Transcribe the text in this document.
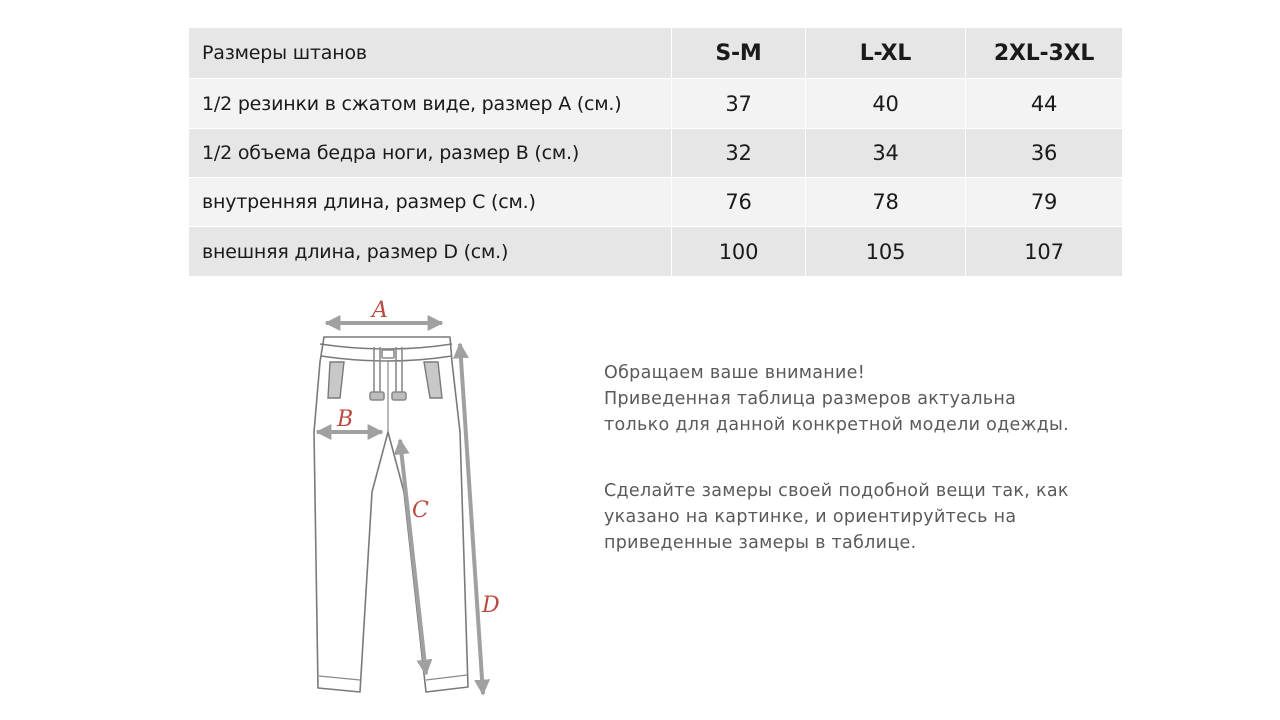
Размеры штанов	S-M	L-XL	2XL-3XL
1/2 резинки в сжатом виде, размер А (см.)	37	40	44
1/2 объема бедра ноги, размер В (см.)	32	34	36
внутренняя длина, размер С (см.)	76	78	79
внешняя длина, размер D (см.)	100	105	107
A
B
C
D

Обращаем ваше внимание!
Приведенная таблица размеров актуальна
только для данной конкретной модели одежды.

Сделайте замеры своей подобной вещи так, как
указано на картинке, и ориентируйтесь на
приведенные замеры в таблице.
